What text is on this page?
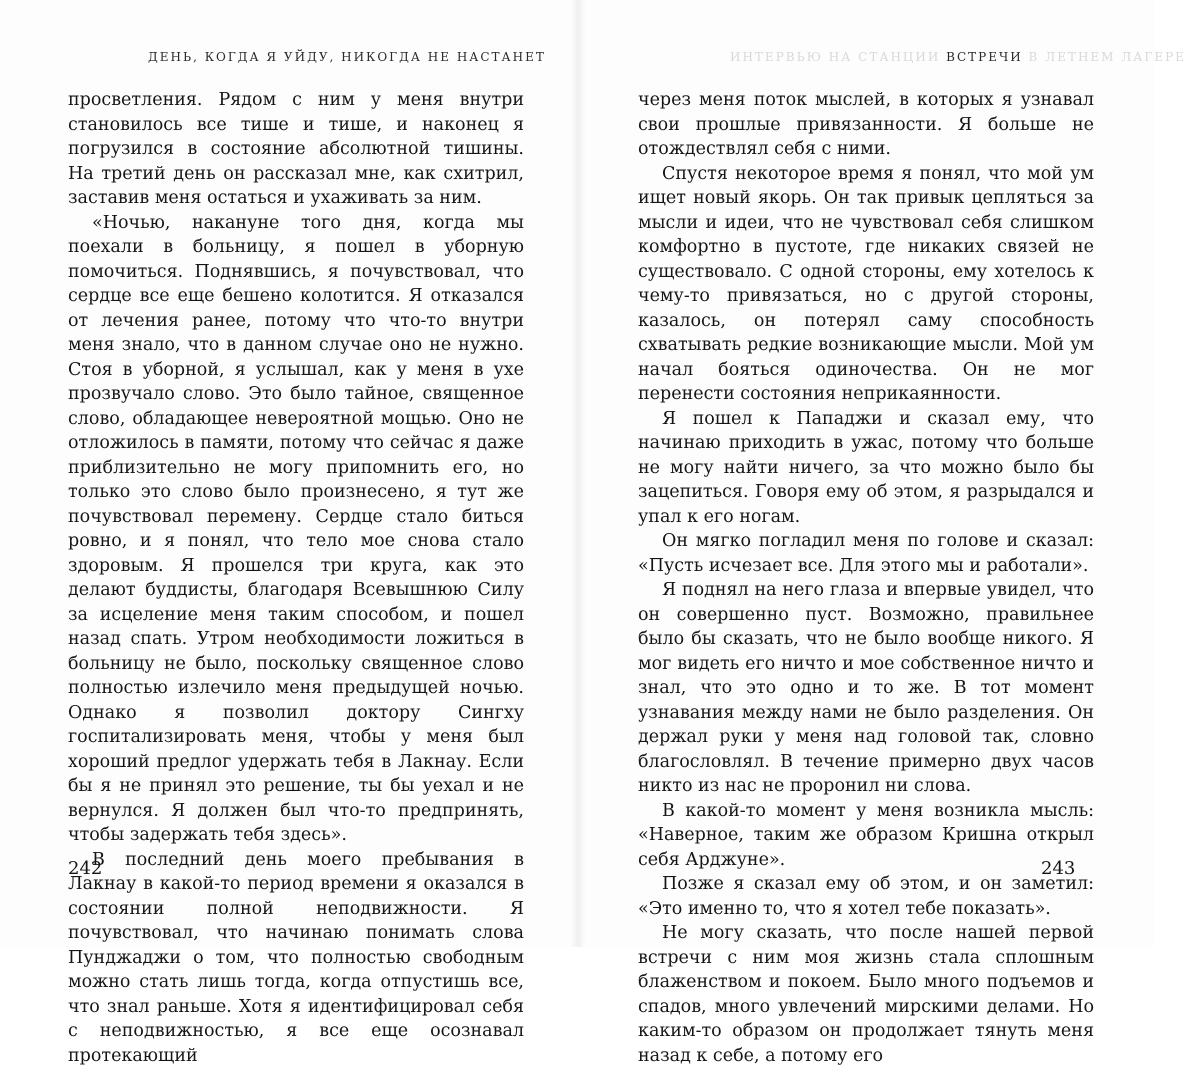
ДЕНЬ, КОГДА Я УЙДУ, НИКОГДА НЕ НАСТАНЕТ

просветления. Рядом с ним у меня внутри становилось все тише и тише, и наконец я погрузился в состояние абсолютной тишины. На третий день он рассказал мне, как схитрил, заставив меня остаться и ухаживать за ним.

«Ночью, накануне того дня, когда мы поехали в больницу, я пошел в уборную помочиться. Поднявшись, я почувствовал, что сердце все еще бешено колотится. Я отказался от лечения ранее, потому что что-то внутри меня знало, что в данном случае оно не нужно. Стоя в уборной, я услышал, как у меня в ухе прозвучало слово. Это было тайное, священное слово, обладающее невероятной мощью. Оно не отложилось в памяти, потому что сейчас я даже приблизительно не могу припомнить его, но только это слово было произнесено, я тут же почувствовал перемену. Сердце стало биться ровно, и я понял, что тело мое снова стало здоровым. Я прошелся три круга, как это делают буддисты, благодаря Всевышнюю Силу за исцеление меня таким способом, и пошел назад спать. Утром необходимости ложиться в больницу не было, поскольку священное слово полностью излечило меня предыдущей ночью. Однако я позволил доктору Сингху госпитализировать меня, чтобы у меня был хороший предлог удержать тебя в Лакнау. Если бы я не принял это решение, ты бы уехал и не вернулся. Я должен был что-то предпринять, чтобы задержать тебя здесь».

В последний день моего пребывания в Лакнау в какой-то период времени я оказался в состоянии полной неподвижности. Я почувствовал, что начинаю понимать слова Пунджаджи о том, что полностью свободным можно стать лишь тогда, когда отпустишь все, что знал раньше. Хотя я идентифицировал себя с неподвижностью, я все еще осознавал протекающий

242
ИНТЕРВЬЮ НА СТАНЦИИ ВСТРЕЧИ В ЛЕТНЕМ ЛАГЕРЕ

через меня поток мыслей, в которых я узнавал свои прошлые привязанности. Я больше не отождествлял себя с ними.

Спустя некоторое время я понял, что мой ум ищет новый якорь. Он так привык цепляться за мысли и идеи, что не чувствовал себя слишком комфортно в пустоте, где никаких связей не существовало. С одной стороны, ему хотелось к чему-то привязаться, но с другой стороны, казалось, он потерял саму способность схватывать редкие возникающие мысли. Мой ум начал бояться одиночества. Он не мог перенести состояния неприкаянности.

Я пошел к Пападжи и сказал ему, что начинаю приходить в ужас, потому что больше не могу найти ничего, за что можно было бы зацепиться. Говоря ему об этом, я разрыдался и упал к его ногам.

Он мягко погладил меня по голове и сказал: «Пусть исчезает все. Для этого мы и работали».

Я поднял на него глаза и впервые увидел, что он совершенно пуст. Возможно, правильнее было бы сказать, что не было вообще никого. Я мог видеть его ничто и мое собственное ничто и знал, что это одно и то же. В тот момент узнавания между нами не было разделения. Он держал руки у меня над головой так, словно благословлял. В течение примерно двух часов никто из нас не проронил ни слова.

В какой-то момент у меня возникла мысль: «Наверное, таким же образом Кришна открыл себя Арджуне».

Позже я сказал ему об этом, и он заметил: «Это именно то, что я хотел тебе показать».

Не могу сказать, что после нашей первой встречи с ним моя жизнь стала сплошным блаженством и покоем. Было много подъемов и спадов, много увлечений мирскими делами. Но каким-то образом он продолжает тянуть меня назад к себе, а потому его

243
